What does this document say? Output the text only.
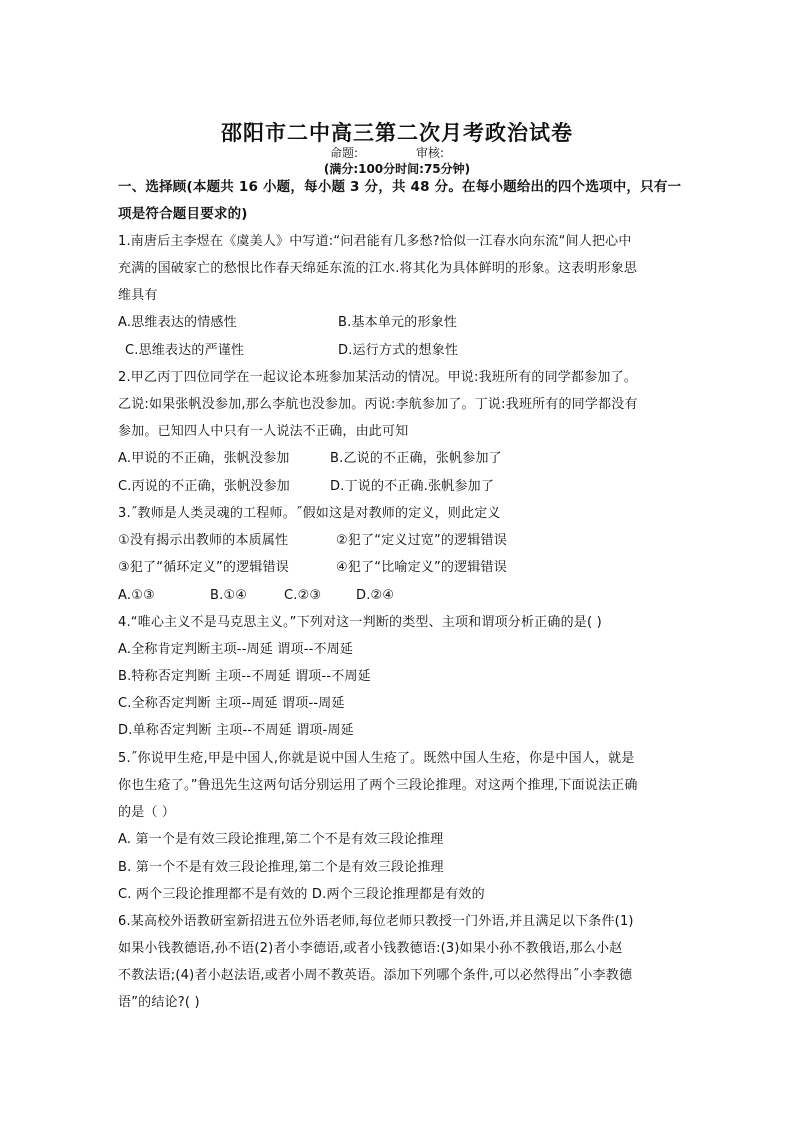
邵阳市二中高三第二次月考政治试卷
命题:	审核:
(满分:100分时间:75分钟)
一、选择顾(本题共 16 小题，每小题 3 分，共 48 分。在每小题给出的四个选项中，只有一
项是符合题目要求的)
1.南唐后主李煜在《虞美人》中写道:“问君能有几多愁?恰似一江春水向东流“间人把心中
充满的国破家亡的愁恨比作春天绵延东流的江水.将其化为具体鲜明的形象。这表明形象思
维具有
A.思维表达的情感性	B.基本单元的形象性
C.思维表达的严谨性	D.运行方式的想象性
2.甲乙丙丁四位同学在一起议论本班参加某活动的情况。甲说:我班所有的同学都参加了。
乙说:如果张帆没参加,那么李航也没参加。丙说:李航参加了。丁说:我班所有的同学都没有
参加。已知四人中只有一人说法不正确，由此可知
A.甲说的不正确，张帆没参加	B.乙说的不正确，张帆参加了
C.丙说的不正确，张帆没参加	D.丁说的不正确.张帆参加了
3.˝教师是人类灵魂的工程师。˝假如这是对教师的定义，则此定义
①没有揭示出教师的本质属性	②犯了“定义过宽”的逻辑错误
③犯了“循环定义”的逻辑错误	④犯了“比喻定义”的逻辑错误
A.①③	B.①④	C.②③	D.②④
4.“唯心主义不是马克思主义。”下列对这一判断的类型、主项和谓项分析正确的是( )
A.全称肯定判断主项--周延 谓项--不周延
B.特称否定判断 主项--不周延 谓项--不周延
C.全称否定判断 主项--周延 谓项--周延
D.单称否定判断 主项--不周延 谓项-周延
5.˝你说甲生疮,甲是中国人,你就是说中国人生疮了。既然中国人生疮，你是中国人，就是
你也生疮了。”鲁迅先生这两句话分别运用了两个三段论推理。对这两个推理,下面说法正确
的是（ ）
A. 第一个是有效三段论推理,第二个不是有效三段论推理
B. 第一个不是有效三段论推理,第二个是有效三段论推理
C. 两个三段论推理都不是有效的 D.两个三段论推理都是有效的
6.某高校外语教研室新招进五位外语老师,每位老师只教授一门外语,并且满足以下条件(1)
如果小钱教德语,孙不语(2)者小李德语,或者小钱教德语:(3)如果小孙不教俄语,那么小赵
不教法语;(4)者小赵法语,或者小周不教英语。添加下列哪个条件,可以必然得出˝小李教德
语”的结论?( )
